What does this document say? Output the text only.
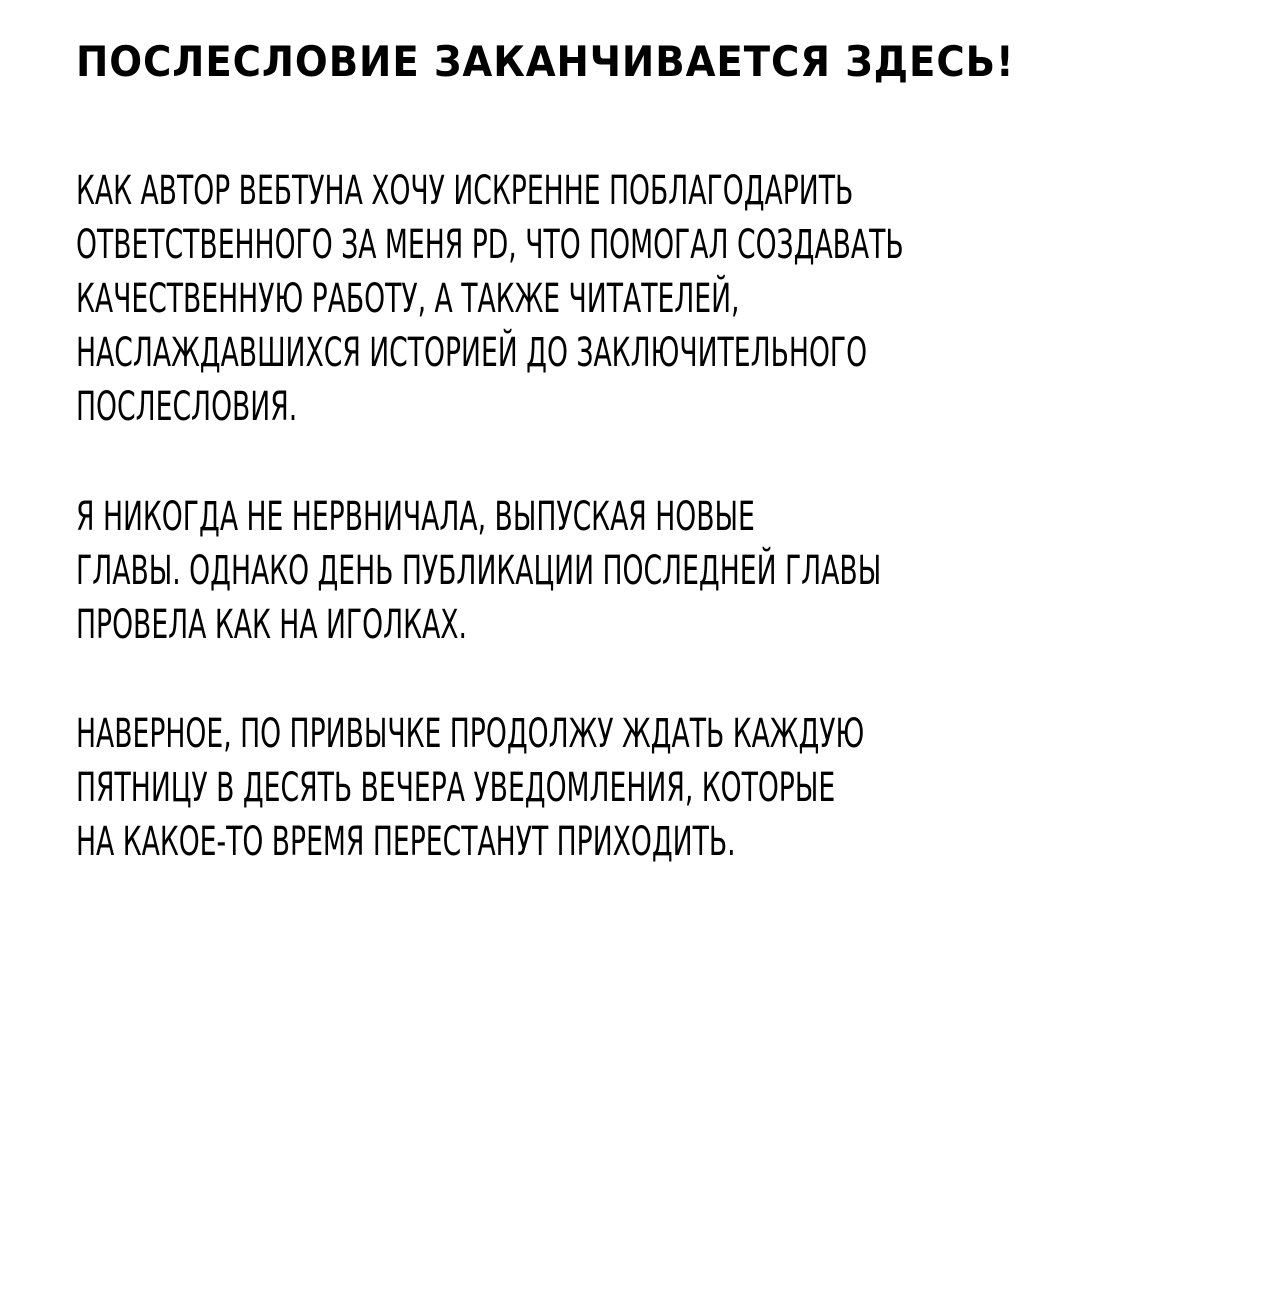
ПОСЛЕСЛОВИЕ ЗАКАНЧИВАЕТСЯ ЗДЕСЬ!

КАК АВТОР ВЕБТУНА ХОЧУ ИСКРЕННЕ ПОБЛАГОДАРИТЬ
ОТВЕТСТВЕННОГО ЗА МЕНЯ PD, ЧТО ПОМОГАЛ СОЗДАВАТЬ
КАЧЕСТВЕННУЮ РАБОТУ, А ТАКЖЕ ЧИТАТЕЛЕЙ,
НАСЛАЖДАВШИХСЯ ИСТОРИЕЙ ДО ЗАКЛЮЧИТЕЛЬНОГО
ПОСЛЕСЛОВИЯ.

Я НИКОГДА НЕ НЕРВНИЧАЛА, ВЫПУСКАЯ НОВЫЕ
ГЛАВЫ. ОДНАКО ДЕНЬ ПУБЛИКАЦИИ ПОСЛЕДНЕЙ ГЛАВЫ
ПРОВЕЛА КАК НА ИГОЛКАХ.

НАВЕРНОЕ, ПО ПРИВЫЧКЕ ПРОДОЛЖУ ЖДАТЬ КАЖДУЮ
ПЯТНИЦУ В ДЕСЯТЬ ВЕЧЕРА УВЕДОМЛЕНИЯ, КОТОРЫЕ
НА КАКОЕ-ТО ВРЕМЯ ПЕРЕСТАНУТ ПРИХОДИТЬ.
